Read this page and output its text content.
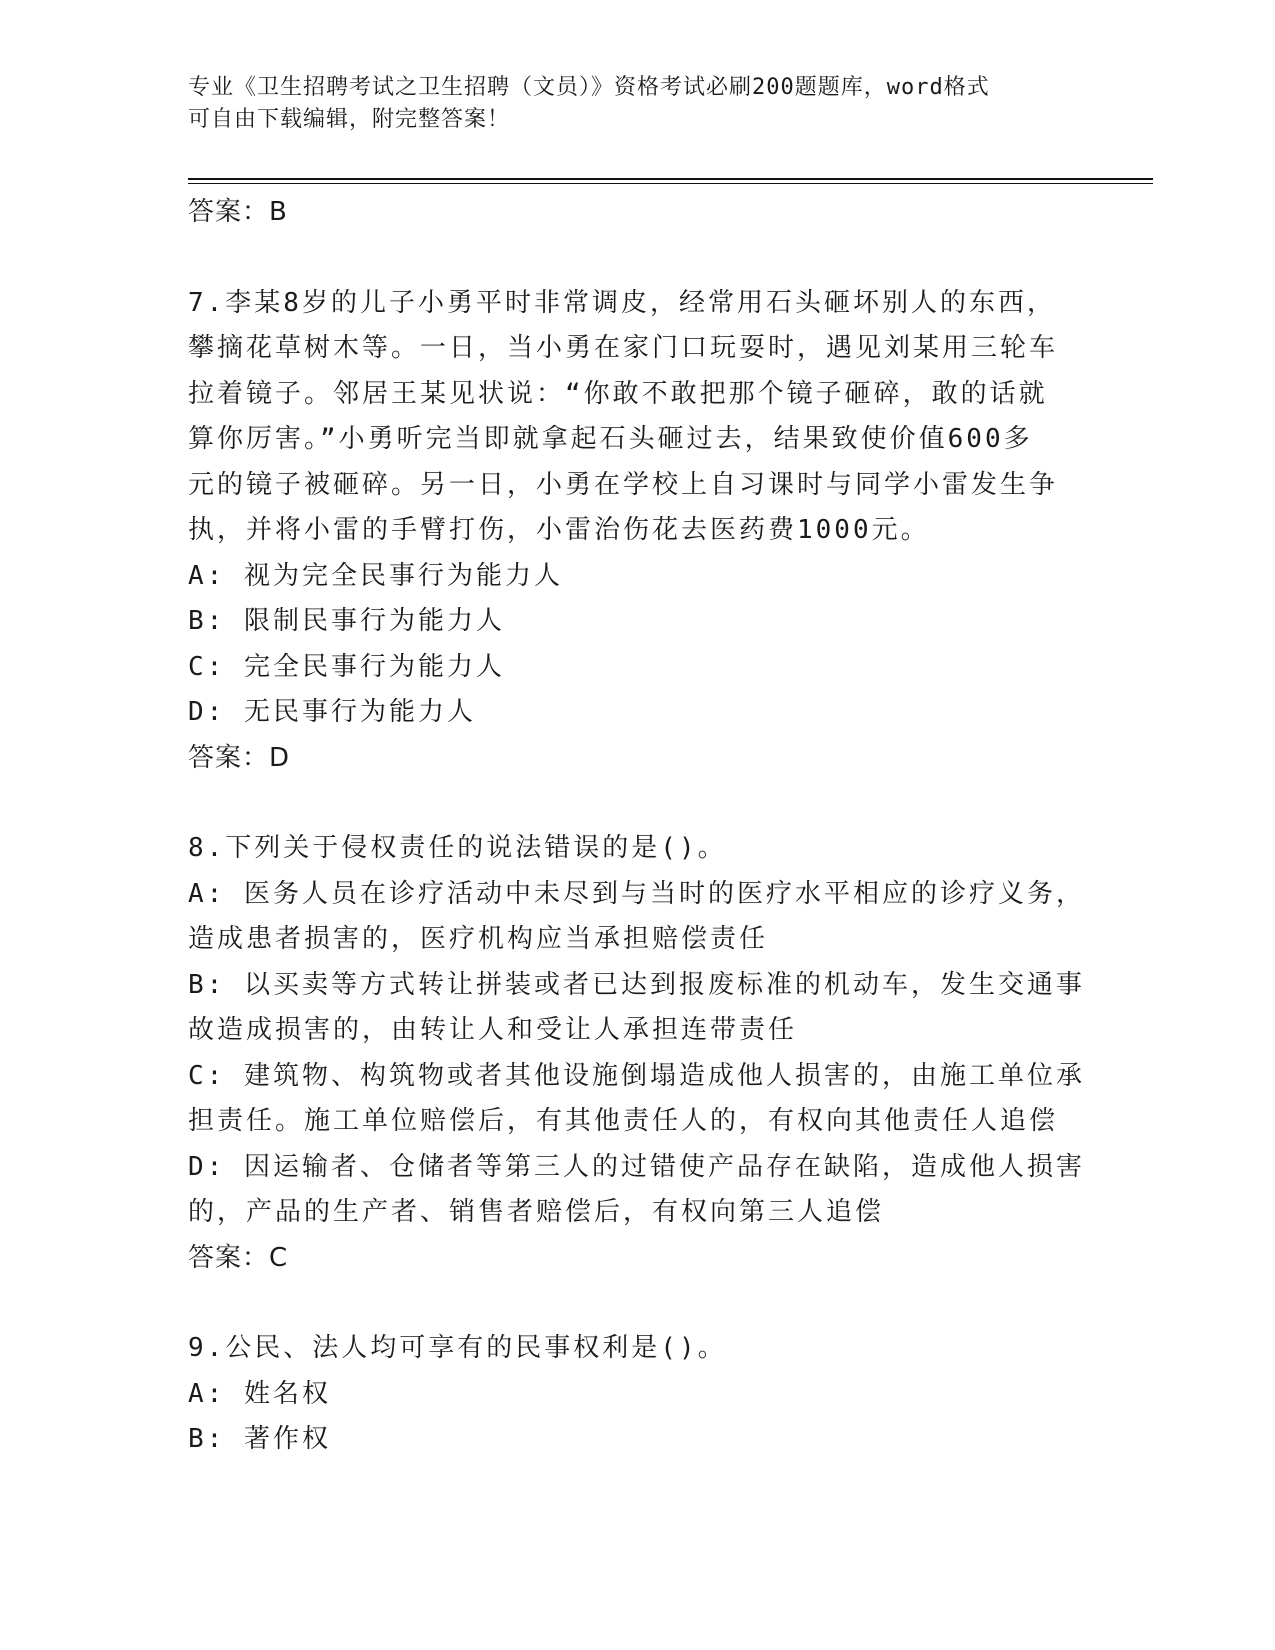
专业《卫生招聘考试之卫生招聘（文员）》资格考试必刷200题题库，word格式
可自由下载编辑，附完整答案！
答案：B
7.李某8岁的儿子小勇平时非常调皮，经常用石头砸坏别人的东西，
攀摘花草树木等。一日，当小勇在家门口玩耍时，遇见刘某用三轮车
拉着镜子。邻居王某见状说：“你敢不敢把那个镜子砸碎，敢的话就
算你厉害。”小勇听完当即就拿起石头砸过去，结果致使价值600多
元的镜子被砸碎。另一日，小勇在学校上自习课时与同学小雷发生争
执，并将小雷的手臂打伤，小雷治伤花去医药费1000元。
A: 视为完全民事行为能力人
B: 限制民事行为能力人
C: 完全民事行为能力人
D: 无民事行为能力人
答案：D
8.下列关于侵权责任的说法错误的是()。
A: 医务人员在诊疗活动中未尽到与当时的医疗水平相应的诊疗义务，
造成患者损害的，医疗机构应当承担赔偿责任
B: 以买卖等方式转让拼装或者已达到报废标准的机动车，发生交通事
故造成损害的，由转让人和受让人承担连带责任
C: 建筑物、构筑物或者其他设施倒塌造成他人损害的，由施工单位承
担责任。施工单位赔偿后，有其他责任人的，有权向其他责任人追偿
D: 因运输者、仓储者等第三人的过错使产品存在缺陷，造成他人损害
的，产品的生产者、销售者赔偿后，有权向第三人追偿
答案：C
9.公民、法人均可享有的民事权利是()。
A: 姓名权
B: 著作权
